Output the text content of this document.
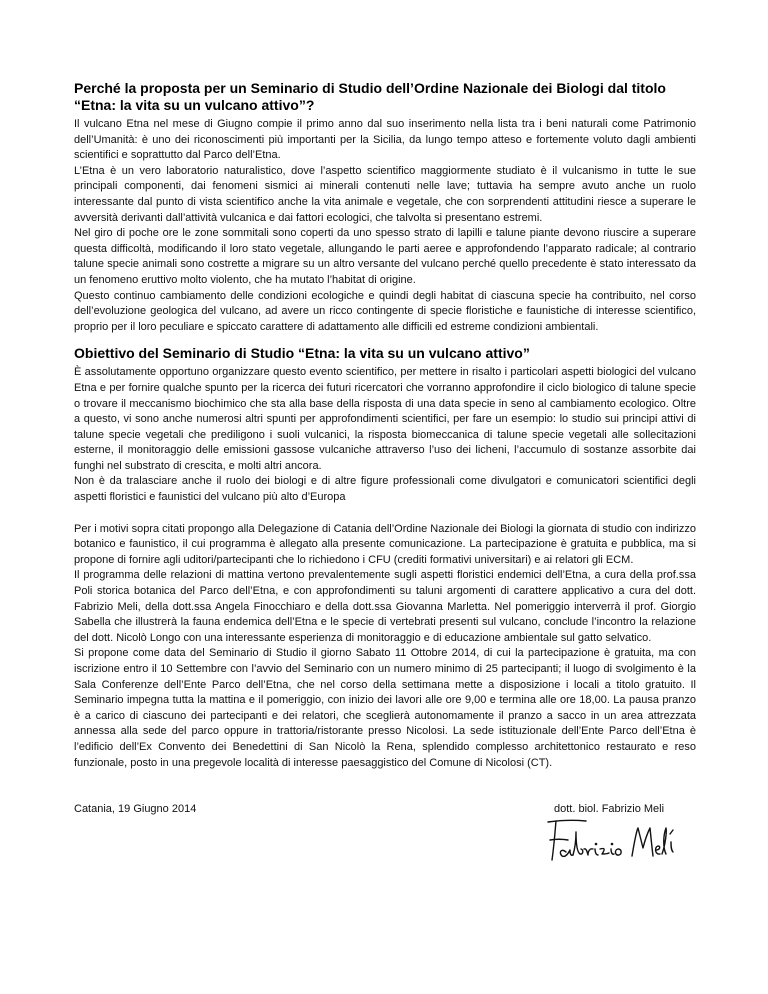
Perché la proposta per un Seminario di Studio dell’Ordine Nazionale dei Biologi dal titolo “Etna: la vita su un vulcano attivo”?

Il vulcano Etna nel mese di Giugno compie il primo anno dal suo inserimento nella lista tra i beni naturali come Patrimonio dell’Umanità: è uno dei riconoscimenti più importanti per la Sicilia, da lungo tempo atteso e fortemente voluto dagli ambienti scientifici e soprattutto dal Parco dell’Etna.

L’Etna è un vero laboratorio naturalistico, dove l’aspetto scientifico maggiormente studiato è il vulcanismo in tutte le sue principali componenti, dai fenomeni sismici ai minerali contenuti nelle lave; tuttavia ha sempre avuto anche un ruolo interessante dal punto di vista scientifico anche la vita animale e vegetale, che con sorprendenti attitudini riesce a superare le avversità derivanti dall’attività vulcanica e dai fattori ecologici, che talvolta si presentano estremi.

Nel giro di poche ore le zone sommitali sono coperti da uno spesso strato di lapilli e talune piante devono riuscire a superare questa difficoltà, modificando il loro stato vegetale, allungando le parti aeree e approfondendo l’apparato radicale; al contrario talune specie animali sono costrette a migrare su un altro versante del vulcano perché quello precedente è stato interessato da un fenomeno eruttivo molto violento, che ha mutato l’habitat di origine.

Questo continuo cambiamento delle condizioni ecologiche e quindi degli habitat di ciascuna specie ha contribuito, nel corso dell’evoluzione geologica del vulcano, ad avere un ricco contingente di specie floristiche e faunistiche di interesse scientifico, proprio per il loro peculiare e spiccato carattere di adattamento alle difficili ed estreme condizioni ambientali.

Obiettivo del Seminario di Studio “Etna: la vita su un vulcano attivo”

È assolutamente opportuno organizzare questo evento scientifico, per mettere in risalto i particolari aspetti biologici del vulcano Etna e per fornire qualche spunto per la ricerca dei futuri ricercatori che vorranno approfondire il ciclo biologico di talune specie o trovare il meccanismo biochimico che sta alla base della risposta di una data specie in seno al cambiamento ecologico. Oltre a questo, vi sono anche numerosi altri spunti per approfondimenti scientifici, per fare un esempio: lo studio sui principi attivi di talune specie vegetali che prediligono i suoli vulcanici, la risposta biomeccanica di talune specie vegetali alle sollecitazioni esterne, il monitoraggio delle emissioni gassose vulcaniche attraverso l’uso dei licheni, l’accumulo di sostanze assorbite dai funghi nel substrato di crescita, e molti altri ancora.

Non è da tralasciare anche il ruolo dei biologi e di altre figure professionali come divulgatori e comunicatori scientifici degli aspetti floristici e faunistici del vulcano più alto d’Europa

Per i motivi sopra citati propongo alla Delegazione di Catania dell’Ordine Nazionale dei Biologi la giornata di studio con indirizzo botanico e faunistico, il cui programma è allegato alla presente comunicazione. La partecipazione è gratuita e pubblica, ma si propone di fornire agli uditori/partecipanti che lo richiedono i CFU (crediti formativi universitari) e ai relatori gli ECM.

Il programma delle relazioni di mattina vertono prevalentemente sugli aspetti floristici endemici dell’Etna, a cura della prof.ssa Poli storica botanica del Parco dell’Etna, e con approfondimenti su taluni argomenti di carattere applicativo a cura del dott. Fabrizio Meli, della dott.ssa Angela Finocchiaro e della dott.ssa Giovanna Marletta. Nel pomeriggio interverrà il prof. Giorgio Sabella che illustrerà la fauna endemica dell’Etna e le specie di vertebrati presenti sul vulcano, conclude l’incontro la relazione del dott. Nicolò Longo con una interessante esperienza di monitoraggio e di educazione ambientale sul gatto selvatico.

Si propone come data del Seminario di Studio il giorno Sabato 11 Ottobre 2014, di cui la partecipazione è gratuita, ma con iscrizione entro il 10 Settembre con l’avvio del Seminario con un numero minimo di 25 partecipanti; il luogo di svolgimento è la Sala Conferenze dell’Ente Parco dell’Etna, che nel corso della settimana mette a disposizione i locali a titolo gratuito. Il Seminario impegna tutta la mattina e il pomeriggio, con inizio dei lavori alle ore 9,00 e termina alle ore 18,00. La pausa pranzo è a carico di ciascuno dei partecipanti e dei relatori, che sceglierà autonomamente il pranzo a sacco in un area attrezzata annessa alla sede del parco oppure in trattoria/ristorante presso Nicolosi. La sede istituzionale dell’Ente Parco dell’Etna è l’edificio dell’Ex Convento dei Benedettini di San Nicolò la Rena, splendido complesso architettonico restaurato e reso funzionale, posto in una pregevole località di interesse paesaggistico del Comune di Nicolosi (CT).

Catania, 19 Giugno 2014	dott. biol. Fabrizio Meli
